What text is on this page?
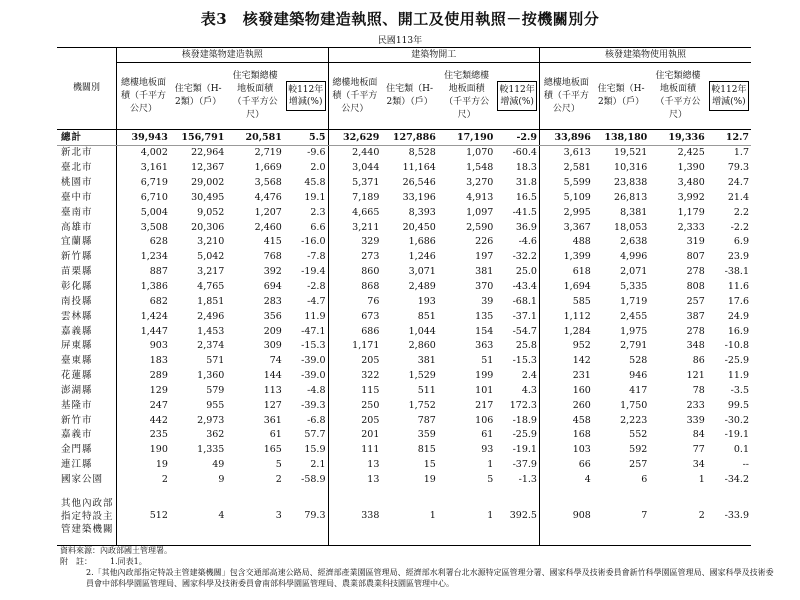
表3　核發建築物建造執照、開工及使用執照－按機關別分
民國113年
機關別	核發建築物建造執照				建築物開工				核發建築物使用執照			
	總樓地板面積（千平方公尺）	住宅類（H-2類）（戶）	住宅類總樓地板面積（千平方公尺）	較112年增減(%)	總樓地板面積（千平方公尺）	住宅類（H-2類）（戶）	住宅類總樓地板面積（千平方公尺）	較112年增減(%)	總樓地板面積（千平方公尺）	住宅類（H-2類）（戶）	住宅類總樓地板面積（千平方公尺）	較112年增減(%)

總計	39,943	156,791	20,581	5.5	32,629	127,886	17,190	-2.9	33,896	138,180	19,336	12.7
新北市	4,002	22,964	2,719	-9.6	2,440	8,528	1,070	-60.4	3,613	19,521	2,425	1.7
臺北市	3,161	12,367	1,669	2.0	3,044	11,164	1,548	18.3	2,581	10,316	1,390	79.3
桃園市	6,719	29,002	3,568	45.8	5,371	26,546	3,270	31.8	5,599	23,838	3,480	24.7
臺中市	6,710	30,495	4,476	19.1	7,189	33,196	4,913	16.5	5,109	26,813	3,992	21.4
臺南市	5,004	9,052	1,207	2.3	4,665	8,393	1,097	-41.5	2,995	8,381	1,179	2.2
高雄市	3,508	20,306	2,460	6.6	3,211	20,450	2,590	36.9	3,367	18,053	2,333	-2.2
宜蘭縣	628	3,210	415	-16.0	329	1,686	226	-4.6	488	2,638	319	6.9
新竹縣	1,234	5,042	768	-7.8	273	1,246	197	-32.2	1,399	4,996	807	23.9
苗栗縣	887	3,217	392	-19.4	860	3,071	381	25.0	618	2,071	278	-38.1
彰化縣	1,386	4,765	694	-2.8	868	2,489	370	-43.4	1,694	5,335	808	11.6
南投縣	682	1,851	283	-4.7	76	193	39	-68.1	585	1,719	257	17.6
雲林縣	1,424	2,496	356	11.9	673	851	135	-37.1	1,112	2,455	387	24.9
嘉義縣	1,447	1,453	209	-47.1	686	1,044	154	-54.7	1,284	1,975	278	16.9
屏東縣	903	2,374	309	-15.3	1,171	2,860	363	25.8	952	2,791	348	-10.8
臺東縣	183	571	74	-39.0	205	381	51	-15.3	142	528	86	-25.9
花蓮縣	289	1,360	144	-39.0	322	1,529	199	2.4	231	946	121	11.9
澎湖縣	129	579	113	-4.8	115	511	101	4.3	160	417	78	-3.5
基隆市	247	955	127	-39.3	250	1,752	217	172.3	260	1,750	233	99.5
新竹市	442	2,973	361	-6.8	205	787	106	-18.9	458	2,223	339	-30.2
嘉義市	235	362	61	57.7	201	359	61	-25.9	168	552	84	-19.1
金門縣	190	1,335	165	15.9	111	815	93	-19.1	103	592	77	0.1
連江縣	19	49	5	2.1	13	15	1	-37.9	66	257	34	--
國家公園	2	9	2	-58.9	13	19	5	-1.3	4	6	1	-34.2
其他內政部指定特設主管建築機關	512	4	3	79.3	338	1	1	392.5	908	7	2	-33.9
資料來源： 內政部國土管理署。
附　註：	1.同表1。
2.「其他內政部指定特設主管建築機關」包含交通部高速公路局、經濟部產業園區管理局、經濟部水利署台北水源特定區管理分署、國家科學及技術委員會新竹科學園區管理局、國家科學及技術委員會中部科學園區管理局、國家科學及技術委員會南部科學園區管理局、農業部農業科技園區管理中心。
